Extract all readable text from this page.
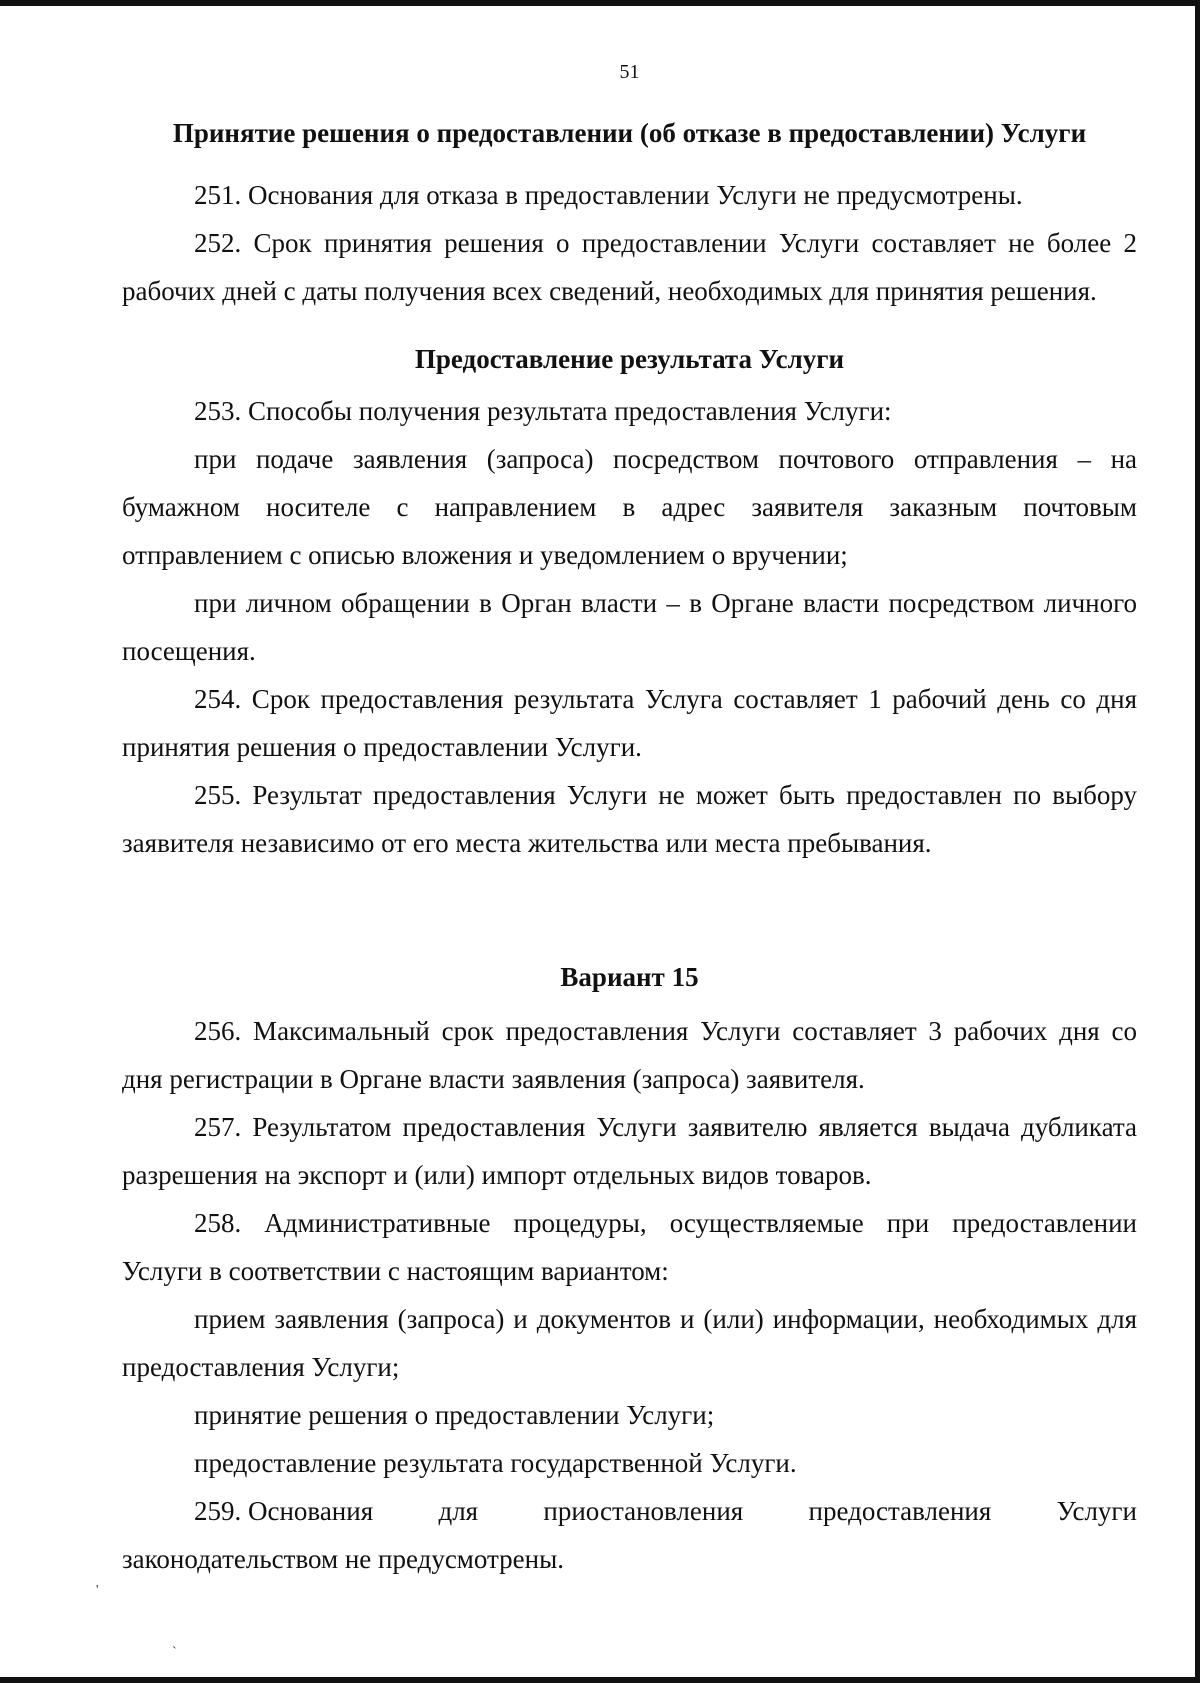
51
Принятие решения о предоставлении (об отказе в предоставлении) Услуги

251. Основания для отказа в предоставлении Услуги не предусмотрены.

252. Срок принятия решения о предоставлении Услуги составляет не более 2 рабочих дней с даты получения всех сведений, необходимых для принятия решения.

Предоставление результата Услуги

253. Способы получения результата предоставления Услуги:

при подаче заявления (запроса) посредством почтового отправления – на бумажном носителе с направлением в адрес заявителя заказным почтовым отправлением с описью вложения и уведомлением о вручении;

при личном обращении в Орган власти – в Органе власти посредством личного посещения.

254. Срок предоставления результата Услуга составляет 1 рабочий день со дня принятия решения о предоставлении Услуги.

255. Результат предоставления Услуги не может быть предоставлен по выбору заявителя независимо от его места жительства или места пребывания.

Вариант 15

256. Максимальный срок предоставления Услуги составляет 3 рабочих дня со дня регистрации в Органе власти заявления (запроса) заявителя.

257. Результатом предоставления Услуги заявителю является выдача дубликата разрешения на экспорт и (или) импорт отдельных видов товаров.

258. Административные процедуры, осуществляемые при предоставлении Услуги в соответствии с настоящим вариантом:

прием заявления (запроса) и документов и (или) информации, необходимых для предоставления Услуги;

принятие решения о предоставлении Услуги;

предоставление результата государственной Услуги.

259. Основания для приостановления предоставления Услуги
законодательством не предусмотрены.
'
`
